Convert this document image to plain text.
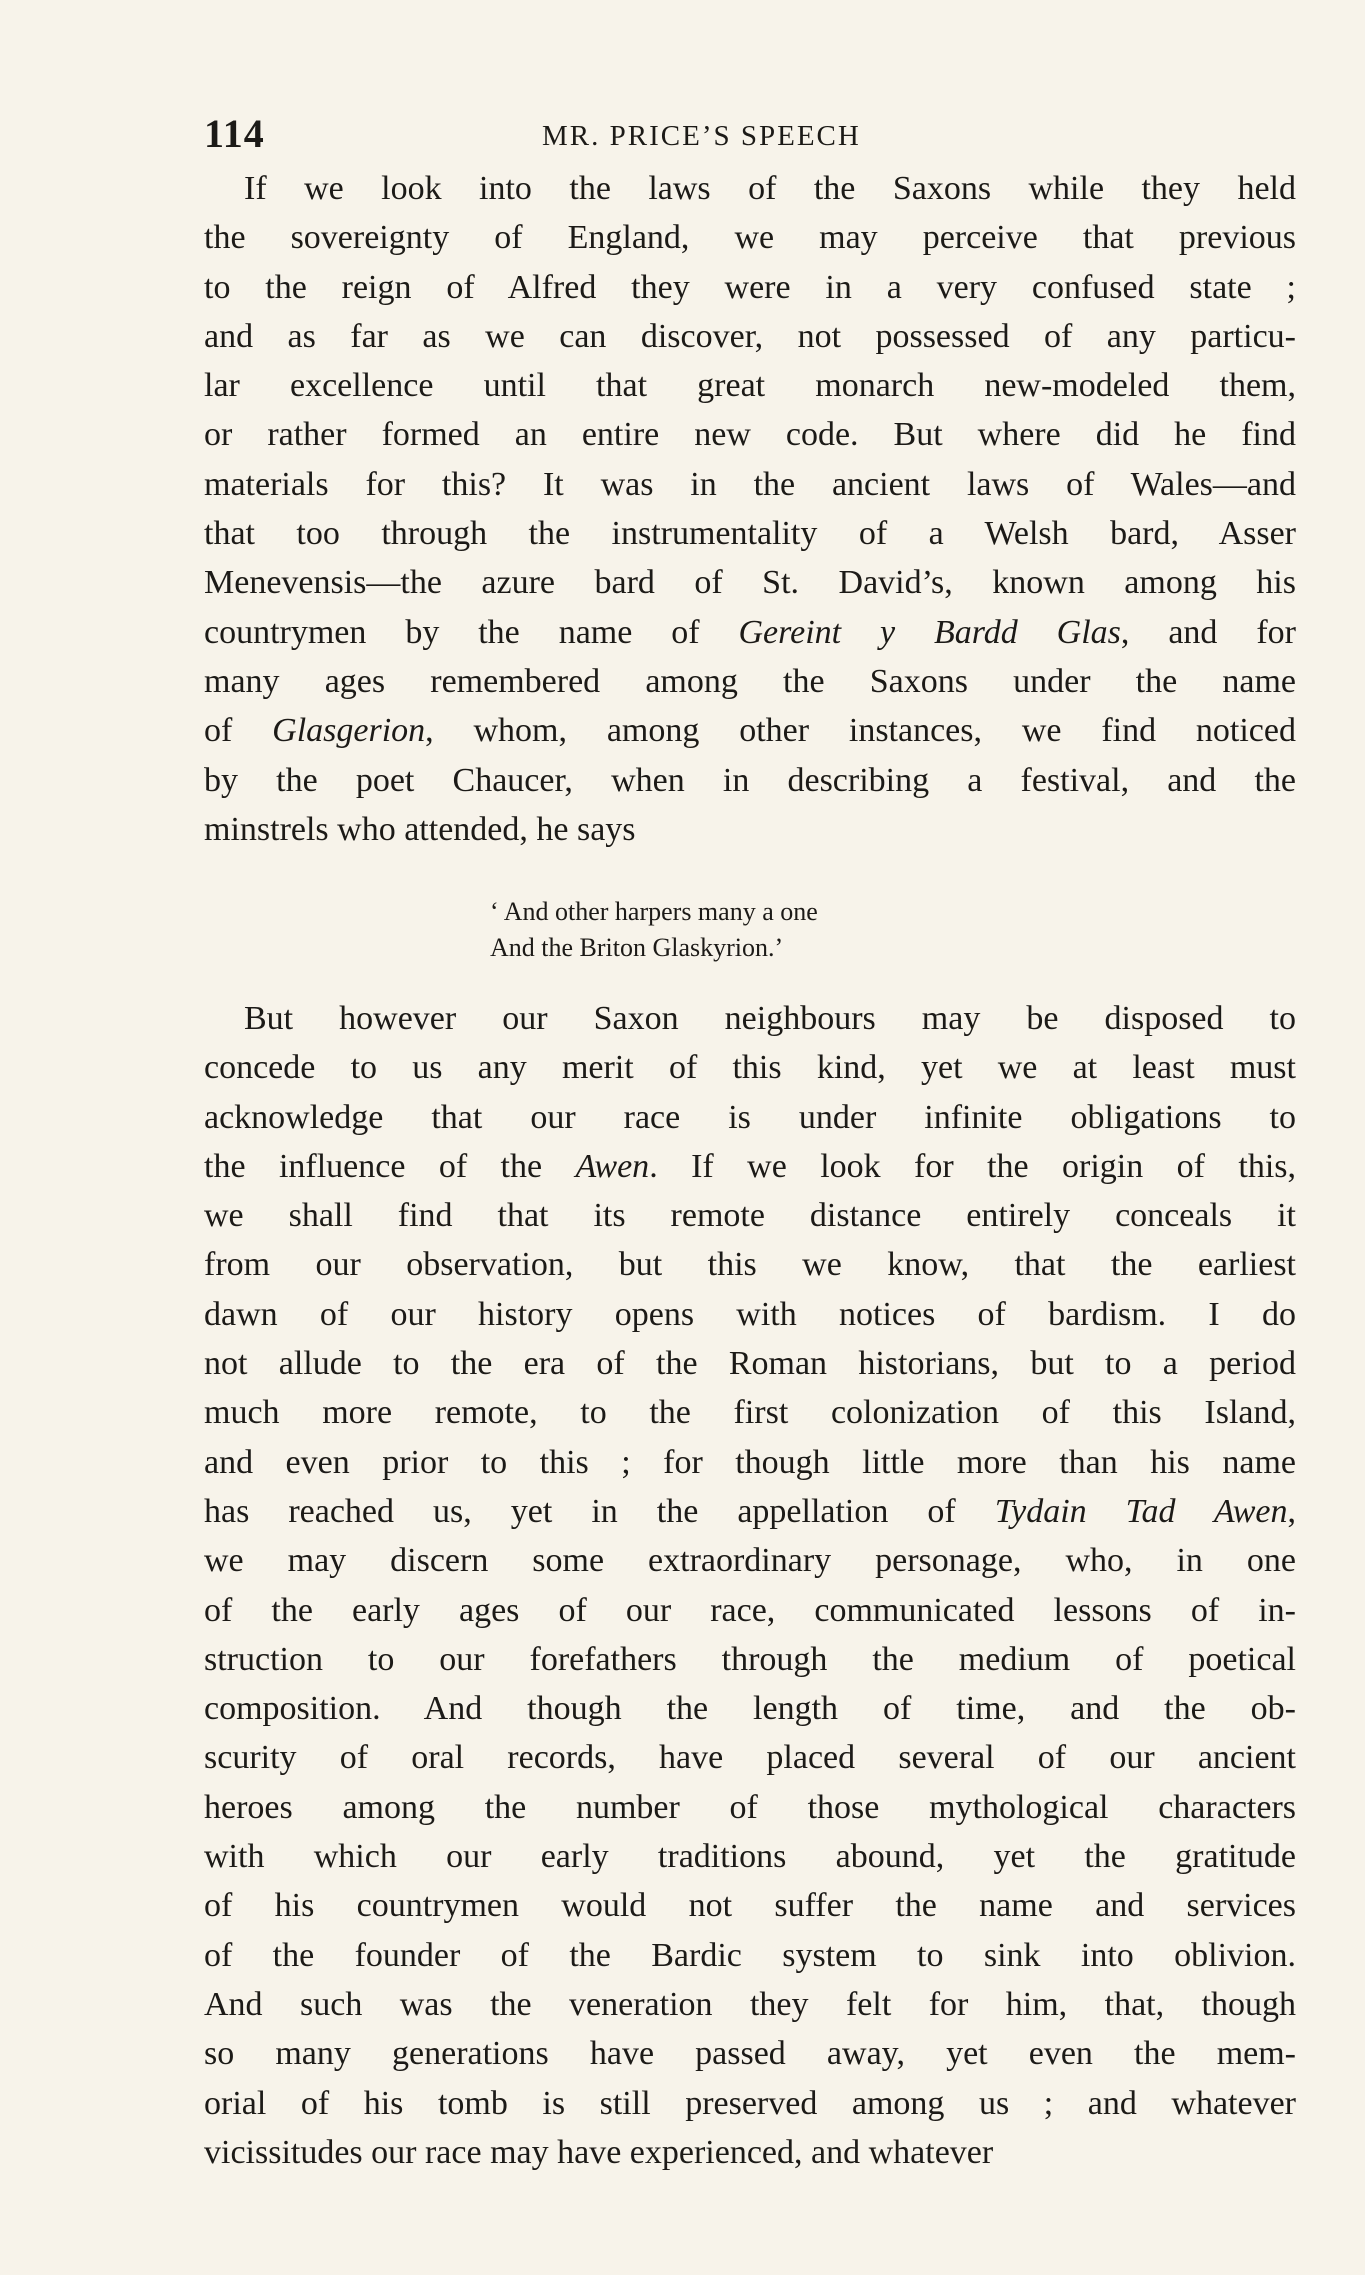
114	MR. PRICE’S SPEECH
If we look into the laws of the Saxons while they held
the sovereignty of England, we may perceive that previous
to the reign of Alfred they were in a very confused state ;
and as far as we can discover, not possessed of any particu-
lar excellence until that great monarch new-modeled them,
or rather formed an entire new code. But where did he find
materials for this? It was in the ancient laws of Wales—and
that too through the instrumentality of a Welsh bard, Asser
Menevensis—the azure bard of St. David’s, known among his
countrymen by the name of Gereint y Bardd Glas, and for
many ages remembered among the Saxons under the name
of Glasgerion, whom, among other instances, we find noticed
by the poet Chaucer, when in describing a festival, and the
minstrels who attended, he says
‘ And other harpers many a one
And the Briton Glaskyrion.’
But however our Saxon neighbours may be disposed to
concede to us any merit of this kind, yet we at least must
acknowledge that our race is under infinite obligations to
the influence of the Awen. If we look for the origin of this,
we shall find that its remote distance entirely conceals it
from our observation, but this we know, that the earliest
dawn of our history opens with notices of bardism. I do
not allude to the era of the Roman historians, but to a period
much more remote, to the first colonization of this Island,
and even prior to this ; for though little more than his name
has reached us, yet in the appellation of Tydain Tad Awen,
we may discern some extraordinary personage, who, in one
of the early ages of our race, communicated lessons of in-
struction to our forefathers through the medium of poetical
composition. And though the length of time, and the ob-
scurity of oral records, have placed several of our ancient
heroes among the number of those mythological characters
with which our early traditions abound, yet the gratitude
of his countrymen would not suffer the name and services
of the founder of the Bardic system to sink into oblivion.
And such was the veneration they felt for him, that, though
so many generations have passed away, yet even the mem-
orial of his tomb is still preserved among us ; and whatever
vicissitudes our race may have experienced, and whatever
